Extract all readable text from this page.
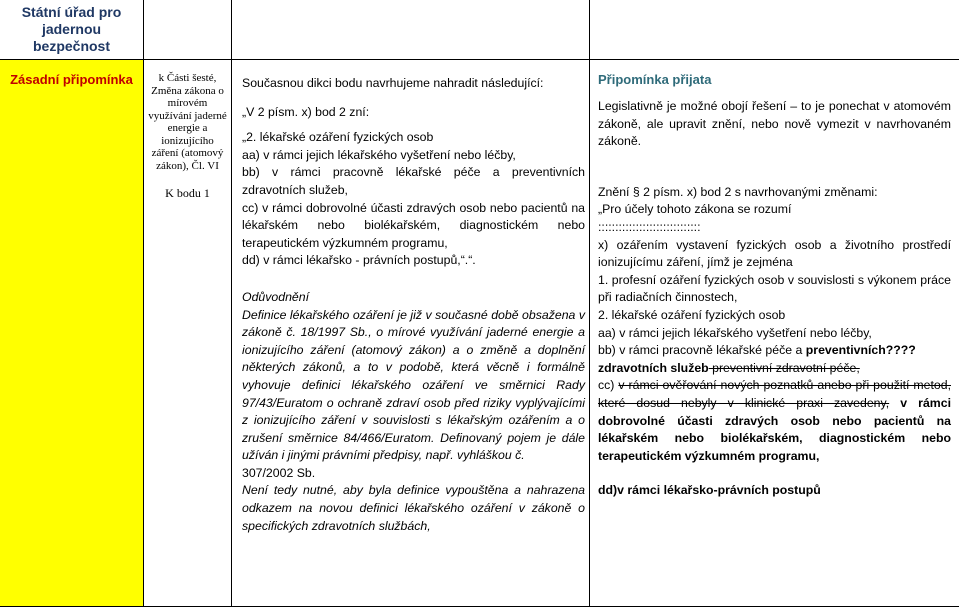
Státní úřad pro jadernou bezpečnost
Zásadní připomínka	k Části šesté, Změna zákona o mírovém využívání jaderné energie a ionizujícího záření (atomový zákon), Čl. VI
K bodu 1

Současnou dikci bodu navrhujeme nahradit následující:

„V 2 písm. x) bod 2 zní:

„2. lékařské ozáření fyzických osob

aa) v rámci jejich lékařského vyšetření nebo léčby,

bb) v rámci pracovně lékařské péče a preventivních zdravotních služeb,

cc) v rámci dobrovolné účasti zdravých osob nebo pacientů na lékařském nebo biolékařském, diagnostickém nebo terapeutickém výzkumném programu,

dd) v rámci lékařsko - právních postupů,“.“.

Odůvodnění

Definice lékařského ozáření je již v současné době obsažena v zákoně č. 18/1997 Sb., o mírové využívání jaderné energie a ionizujícího záření (atomový zákon) a o změně a doplnění některých zákonů, a to v podobě, která věcně i formálně vyhovuje definici lékařského ozáření ve směrnici Rady 97/43/Euratom o ochraně zdraví osob před riziky vyplývajícími z ionizujícího záření v souvislosti s lékařským ozářením a o zrušení směrnice 84/466/Euratom. Definovaný pojem je dále užíván i jinými právními předpisy, např. vyhláškou č.

307/2002 Sb.

Není tedy nutné, aby byla definice vypouštěna a nahrazena odkazem na novou definici lékařského ozáření v zákoně o specifických zdravotních službách,

Připomínka přijata

Legislativně je možné obojí řešení – to je ponechat v atomovém zákoně, ale upravit znění, nebo nově vymezit v navrhovaném zákoně.

Znění § 2 písm. x) bod 2 s navrhovanými změnami:

„Pro účely tohoto zákona se rozumí

::::::::::::::::::::::::::::::

x) ozářením vystavení fyzických osob a životního prostředí ionizujícímu záření, jímž je zejména

1. profesní ozáření fyzických osob v souvislosti s výkonem práce při radiačních činnostech,

2. lékařské ozáření fyzických osob

aa) v rámci jejich lékařského vyšetření nebo léčby,

bb) v rámci pracovně lékařské péče a preventivních????zdravotních služeb preventivní zdravotní péče,

cc) v rámci ověřování nových poznatků anebo při použití metod, které dosud nebyly v klinické praxi zavedeny, v rámci dobrovolné účasti zdravých osob nebo pacientů na lékařském nebo biolékařském, diagnostickém nebo terapeutickém výzkumném programu,

dd)v rámci lékařsko-právních postupů
